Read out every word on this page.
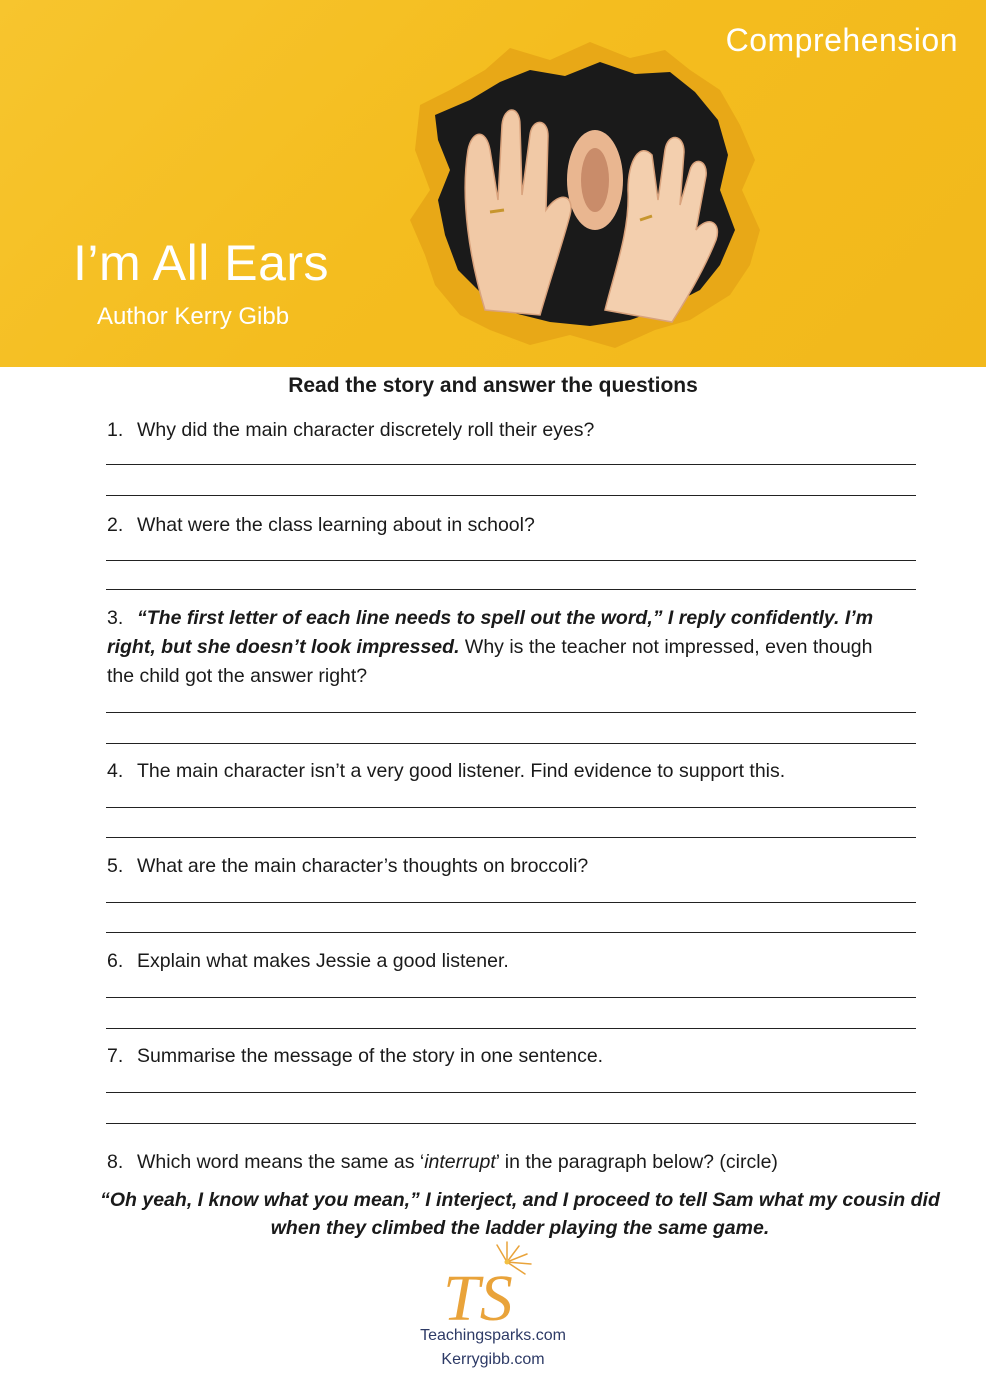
Comprehension
I’m All Ears
Author Kerry Gibb
Read the story and answer the questions
1. Why did the main character discretely roll their eyes?
2. What were the class learning about in school?
3. “The first letter of each line needs to spell out the word,” I reply confidently. I’m right, but she doesn’t look impressed. Why is the teacher not impressed, even though the child got the answer right?
4. The main character isn’t a very good listener. Find evidence to support this.
5. What are the main character’s thoughts on broccoli?
6. Explain what makes Jessie a good listener.
7. Summarise the message of the story in one sentence.
8. Which word means the same as ‘interrupt’ in the paragraph below? (circle)
“Oh yeah, I know what you mean,” I interject, and I proceed to tell Sam what my cousin did when they climbed the ladder playing the same game.
TS
Teachingsparks.com
Kerrygibb.com
